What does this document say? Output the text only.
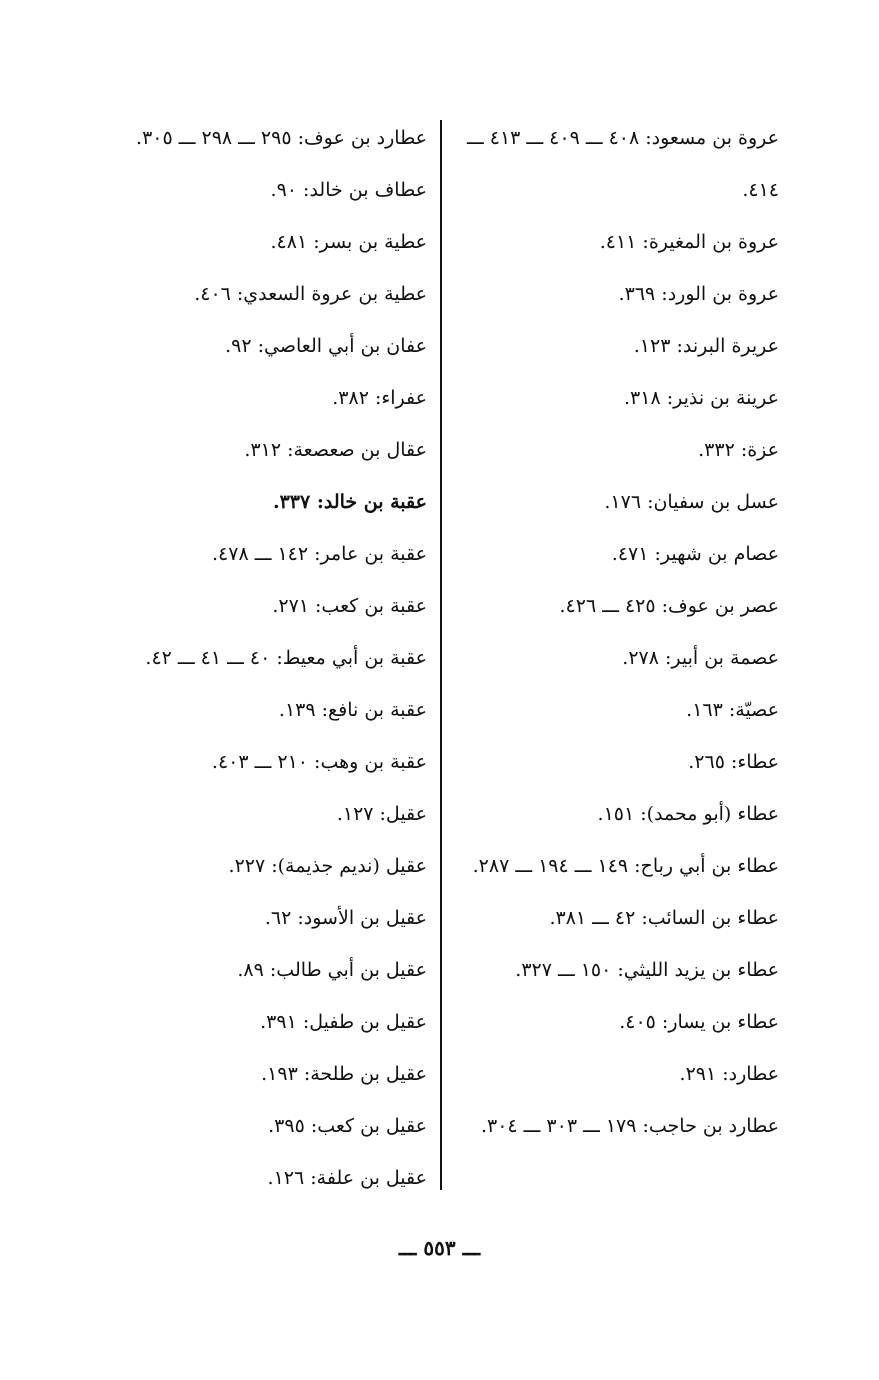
عروة بن مسعود: ٤٠٨ ـــ ٤٠٩ ـــ ٤١٣ ـــ ٤١٤.
عروة بن المغيرة: ٤١١.
عروة بن الورد: ٣٦٩.
عريرة البرند: ١٢٣.
عرينة بن نذير: ٣١٨.
عزة: ٣٣٢.
عسل بن سفيان: ١٧٦.
عصام بن شهير: ٤٧١.
عصر بن عوف: ٤٢٥ ـــ ٤٢٦.
عصمة بن أبير: ٢٧٨.
عصيّة: ١٦٣.
عطاء: ٢٦٥.
عطاء (أبو محمد): ١٥١.
عطاء بن أبي رباح: ١٤٩ ـــ ١٩٤ ـــ ٢٨٧.
عطاء بن السائب: ٤٢ ـــ ٣٨١.
عطاء بن يزيد الليثي: ١٥٠ ـــ ٣٢٧.
عطاء بن يسار: ٤٠٥.
عطارد: ٢٩١.
عطارد بن حاجب: ١٧٩ ـــ ٣٠٣ ـــ ٣٠٤.
عطارد بن عوف: ٢٩٥ ـــ ٢٩٨ ـــ ٣٠٥.
عطاف بن خالد: ٩٠.
عطية بن بسر: ٤٨١.
عطية بن عروة السعدي: ٤٠٦.
عفان بن أبي العاصي: ٩٢.
عفراء: ٣٨٢.
عقال بن صعصعة: ٣١٢.
عقبة بن خالد: ٣٣٧.
عقبة بن عامر: ١٤٢ ـــ ٤٧٨.
عقبة بن كعب: ٢٧١.
عقبة بن أبي معيط: ٤٠ ـــ ٤١ ـــ ٤٢.
عقبة بن نافع: ١٣٩.
عقبة بن وهب: ٢١٠ ـــ ٤٠٣.
عقيل: ١٢٧.
عقيل (نديم جذيمة): ٢٢٧.
عقيل بن الأسود: ٦٢.
عقيل بن أبي طالب: ٨٩.
عقيل بن طفيل: ٣٩١.
عقيل بن طلحة: ١٩٣.
عقيل بن كعب: ٣٩٥.
عقيل بن علفة: ١٢٦.
ـــ ٥٥٣ ـــ
